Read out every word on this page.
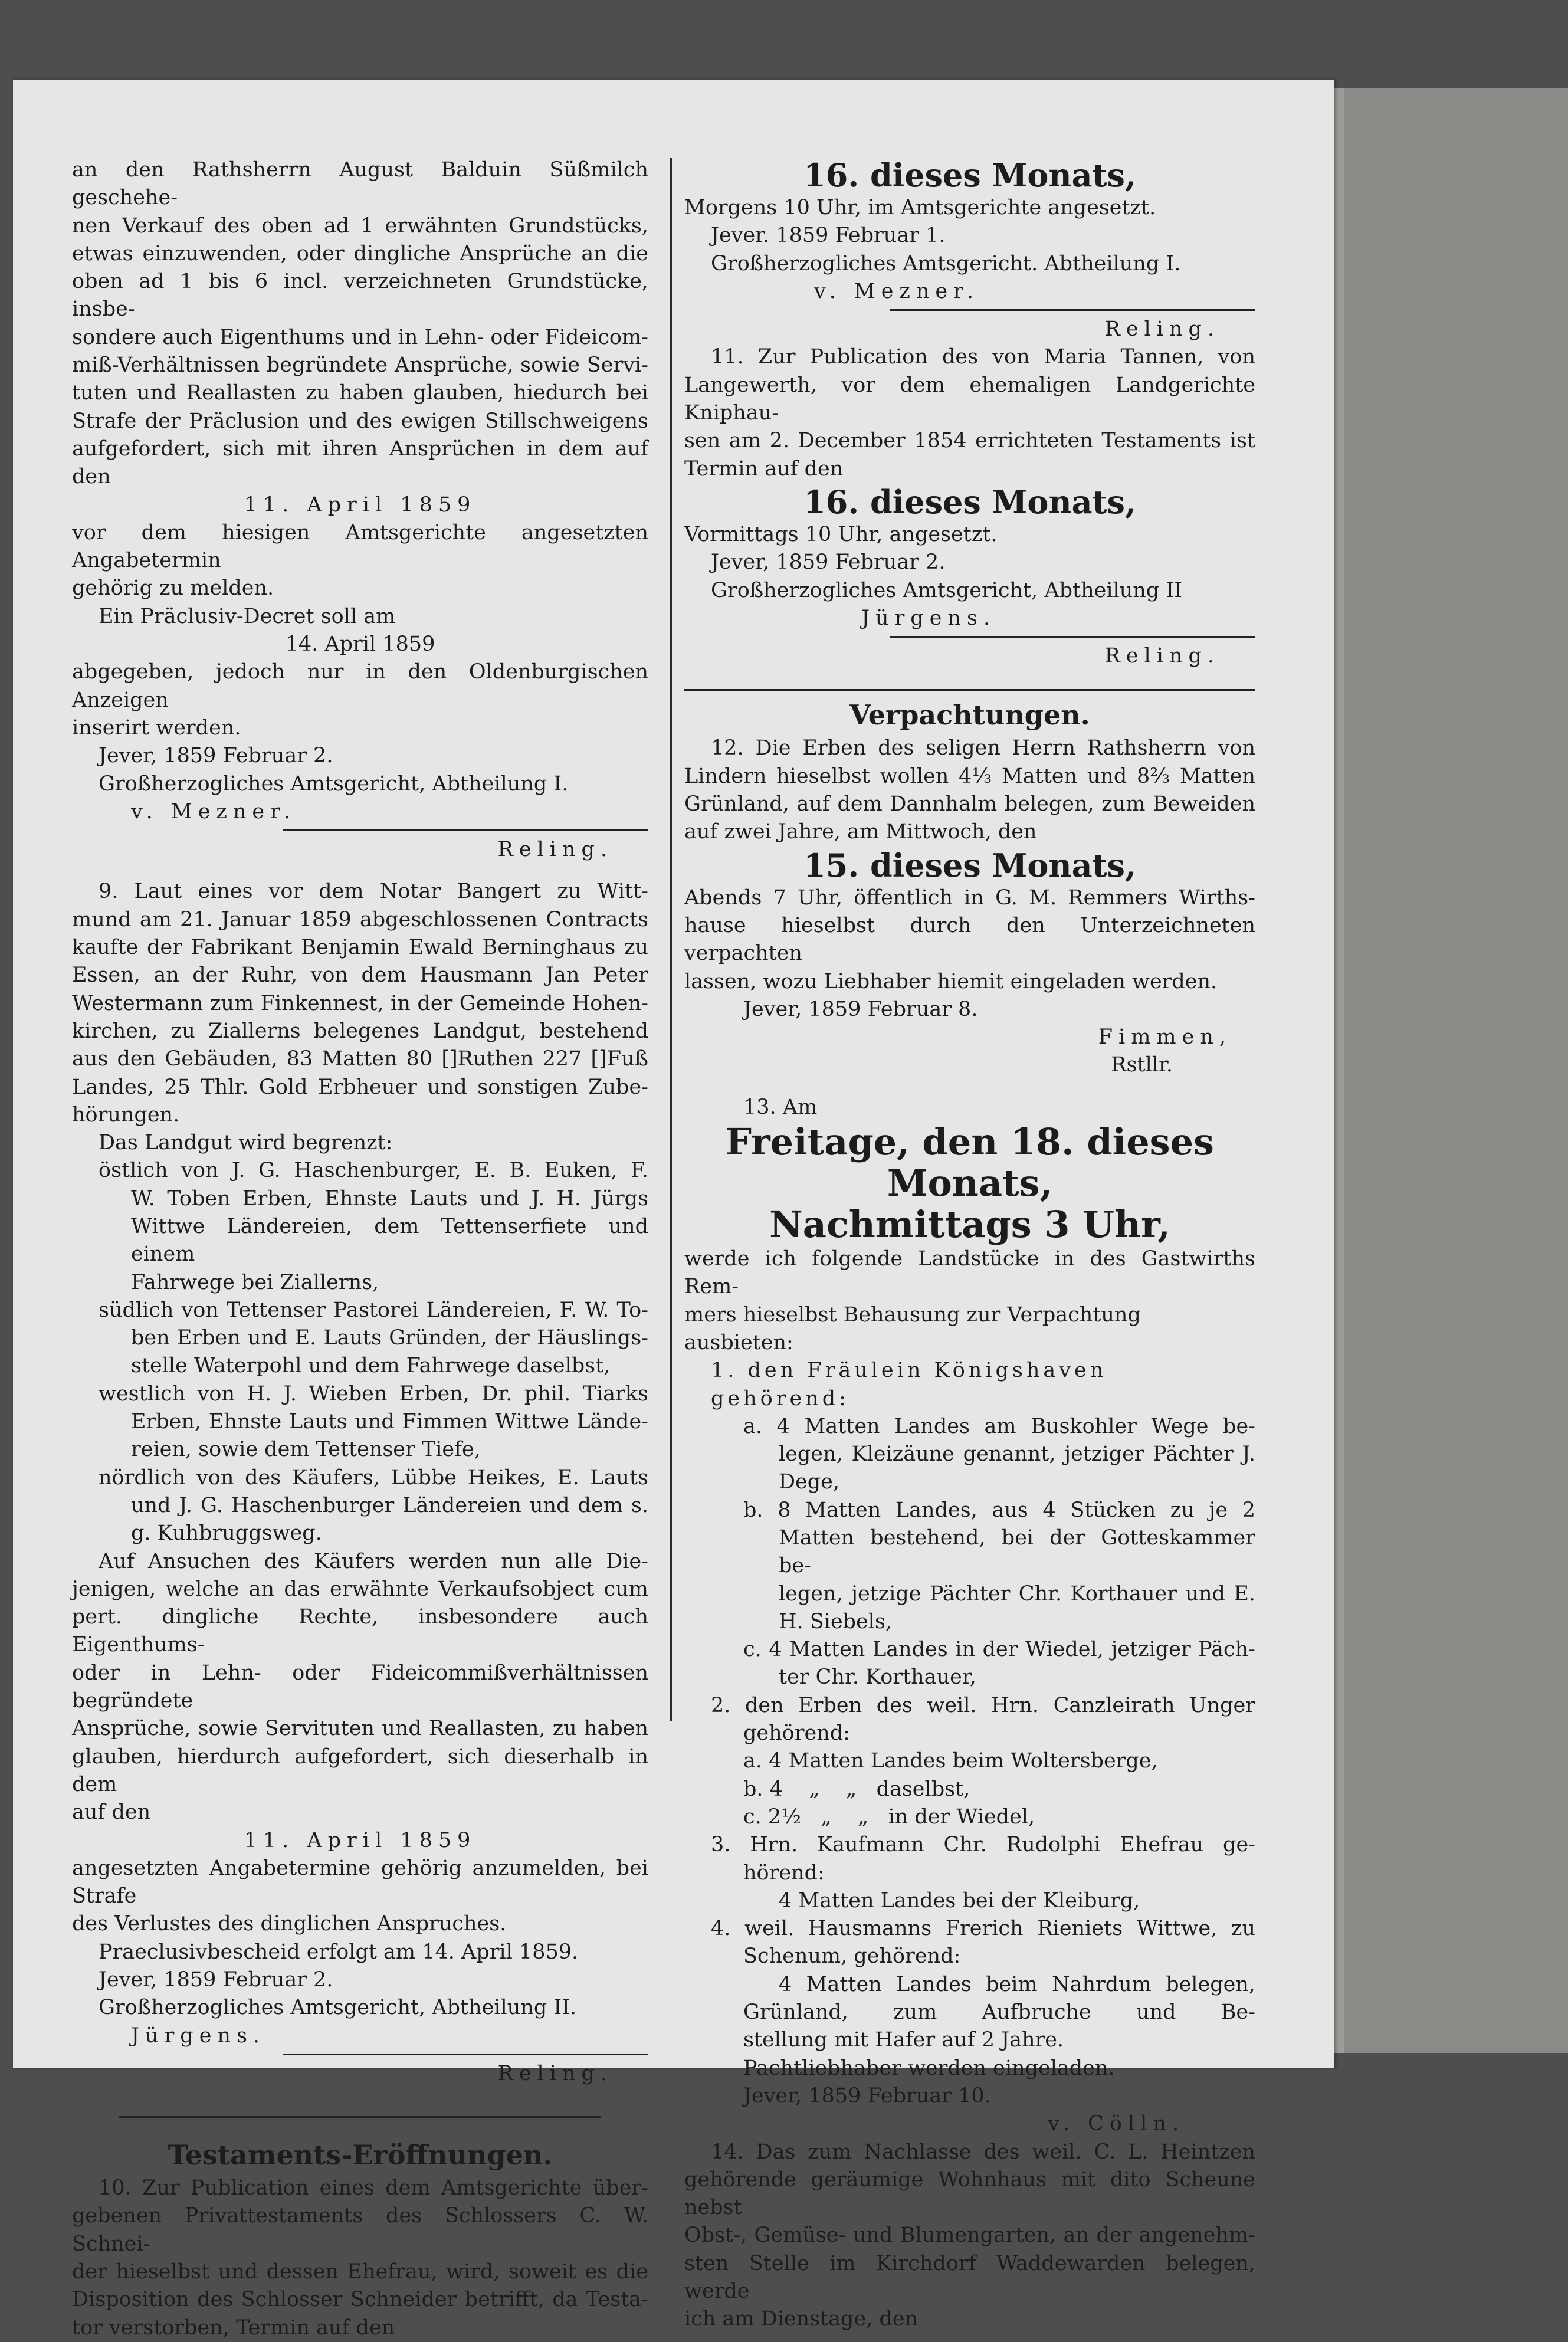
an den Rathsherrn August Balduin Süßmilch geschehe-

nen Verkauf des oben ad 1 erwähnten Grundstücks,

etwas einzuwenden, oder dingliche Ansprüche an die

oben ad 1 bis 6 incl. verzeichneten Grundstücke, insbe-

sondere auch Eigenthums und in Lehn- oder Fideicom-

miß-Verhältnissen begründete Ansprüche, sowie Servi-

tuten und Reallasten zu haben glauben, hiedurch bei

Strafe der Präclusion und des ewigen Stillschweigens

aufgefordert, sich mit ihren Ansprüchen in dem auf den

11. April 1859

vor dem hiesigen Amtsgerichte angesetzten Angabetermin

gehörig zu melden.

Ein Präclusiv-Decret soll am

14. April 1859

abgegeben, jedoch nur in den Oldenburgischen Anzeigen

inserirt werden.

Jever, 1859 Februar 2.

Großherzogliches Amtsgericht, Abtheilung I.

v. Mezner.

Reling.

9. Laut eines vor dem Notar Bangert zu Witt-

mund am 21. Januar 1859 abgeschlossenen Contracts

kaufte der Fabrikant Benjamin Ewald Berninghaus zu

Essen, an der Ruhr, von dem Hausmann Jan Peter

Westermann zum Finkennest, in der Gemeinde Hohen-

kirchen, zu Ziallerns belegenes Landgut, bestehend

aus den Gebäuden, 83 Matten 80 []Ruthen 227 []Fuß

Landes, 25 Thlr. Gold Erbheuer und sonstigen Zube-

hörungen.

Das Landgut wird begrenzt:

östlich von J. G. Haschenburger, E. B. Euken, F.

W. Toben Erben, Ehnste Lauts und J. H. Jürgs

Wittwe Ländereien, dem Tettenserfiete und einem

Fahrwege bei Ziallerns,

südlich von Tettenser Pastorei Ländereien, F. W. To-

ben Erben und E. Lauts Gründen, der Häuslings-

stelle Waterpohl und dem Fahrwege daselbst,

westlich von H. J. Wieben Erben, Dr. phil. Tiarks

Erben, Ehnste Lauts und Fimmen Wittwe Lände-

reien, sowie dem Tettenser Tiefe,

nördlich von des Käufers, Lübbe Heikes, E. Lauts

und J. G. Haschenburger Ländereien und dem s.

g. Kuhbruggsweg.

Auf Ansuchen des Käufers werden nun alle Die-

jenigen, welche an das erwähnte Verkaufsobject cum

pert. dingliche Rechte, insbesondere auch Eigenthums-

oder in Lehn- oder Fideicommißverhältnissen begründete

Ansprüche, sowie Servituten und Reallasten, zu haben

glauben, hierdurch aufgefordert, sich dieserhalb in dem

auf den

11. April 1859

angesetzten Angabetermine gehörig anzumelden, bei Strafe

des Verlustes des dinglichen Anspruches.

Praeclusivbescheid erfolgt am 14. April 1859.

Jever, 1859 Februar 2.

Großherzogliches Amtsgericht, Abtheilung II.

Jürgens.

Reling.

Testaments-Eröffnungen.

10. Zur Publication eines dem Amtsgerichte über-

gebenen Privattestaments des Schlossers C. W. Schnei-

der hieselbst und dessen Ehefrau, wird, soweit es die

Disposition des Schlosser Schneider betrifft, da Testa-

tor verstorben, Termin auf den

16. dieses Monats,

Morgens 10 Uhr, im Amtsgerichte angesetzt.

Jever. 1859 Februar 1.

Großherzogliches Amtsgericht. Abtheilung I.

v. Mezner.

Reling.

11. Zur Publication des von Maria Tannen, von

Langewerth, vor dem ehemaligen Landgerichte Kniphau-

sen am 2. December 1854 errichteten Testaments ist

Termin auf den

16. dieses Monats,

Vormittags 10 Uhr, angesetzt.

Jever, 1859 Februar 2.

Großherzogliches Amtsgericht, Abtheilung II

Jürgens.

Reling.

Verpachtungen.

12. Die Erben des seligen Herrn Rathsherrn von

Lindern hieselbst wollen 4⅓ Matten und 8⅔ Matten

Grünland, auf dem Dannhalm belegen, zum Beweiden

auf zwei Jahre, am Mittwoch, den

15. dieses Monats,

Abends 7 Uhr, öffentlich in G. M. Remmers Wirths-

hause hieselbst durch den Unterzeichneten verpachten

lassen, wozu Liebhaber hiemit eingeladen werden.

Jever, 1859 Februar 8.

Fimmen,

Rstllr.

13. Am

Freitage, den 18. dieses Monats,

Nachmittags 3 Uhr,

werde ich folgende Landstücke in des Gastwirths Rem-

mers hieselbst Behausung zur Verpachtung ausbieten:

1. den Fräulein Königshaven gehörend:

a. 4 Matten Landes am Buskohler Wege be-

legen, Kleizäune genannt, jetziger Pächter J.

Dege,

b. 8 Matten Landes, aus 4 Stücken zu je 2

Matten bestehend, bei der Gotteskammer be-

legen, jetzige Pächter Chr. Korthauer und E.

H. Siebels,

c. 4 Matten Landes in der Wiedel, jetziger Päch-

ter Chr. Korthauer,

2. den Erben des weil. Hrn. Canzleirath Unger

gehörend:

a. 4 Matten Landes beim Woltersberge,

b. 4    „    „   daselbst,

c. 2½   „    „   in der Wiedel,

3. Hrn. Kaufmann Chr. Rudolphi Ehefrau ge-

hörend:

4 Matten Landes bei der Kleiburg,

4. weil. Hausmanns Frerich Rieniets Wittwe, zu

Schenum, gehörend:

4 Matten Landes beim Nahrdum belegen,

Grünland, zum Aufbruche und Be-

stellung mit Hafer auf 2 Jahre.

Pachtliebhaber werden eingeladen.

Jever, 1859 Februar 10.

v. Cölln.

14. Das zum Nachlasse des weil. C. L. Heintzen

gehörende geräumige Wohnhaus mit dito Scheune nebst

Obst-, Gemüse- und Blumengarten, an der angenehm-

sten Stelle im Kirchdorf Waddewarden belegen, werde

ich am Dienstage, den
